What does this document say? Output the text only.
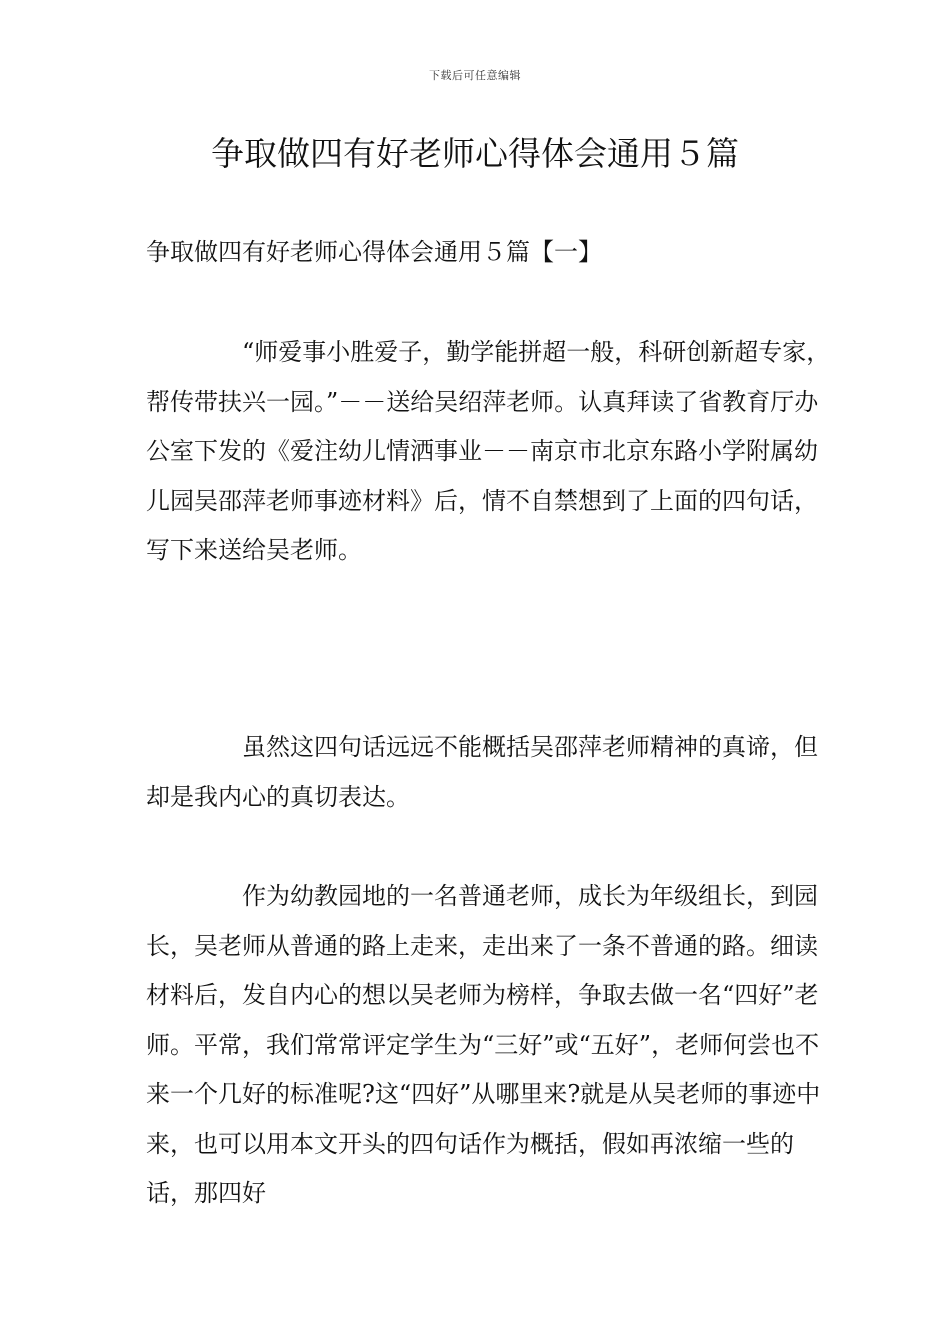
下载后可任意编辑
争取做四有好老师心得体会通用５篇
争取做四有好老师心得体会通用５篇【一】

　　　　“师爱事小胜爱子，勤学能拼超一般，科研创新超专家，帮传带扶兴一园。”－－送给吴绍萍老师。认真拜读了省教育厅办公室下发的《爱注幼儿情洒事业－－南京市北京东路小学附属幼儿园吴邵萍老师事迹材料》后，情不自禁想到了上面的四句话，写下来送给吴老师。

　　　　虽然这四句话远远不能概括吴邵萍老师精神的真谛，但却是我内心的真切表达。

　　　　作为幼教园地的一名普通老师，成长为年级组长，到园长，吴老师从普通的路上走来，走出来了一条不普通的路。细读材料后，发自内心的想以吴老师为榜样，争取去做一名“四好”老师。平常，我们常常评定学生为“三好”或“五好”，老师何尝也不来一个几好的标准呢?这“四好”从哪里来?就是从吴老师的事迹中来，也可以用本文开头的四句话作为概括，假如再浓缩一些的话，那四好
